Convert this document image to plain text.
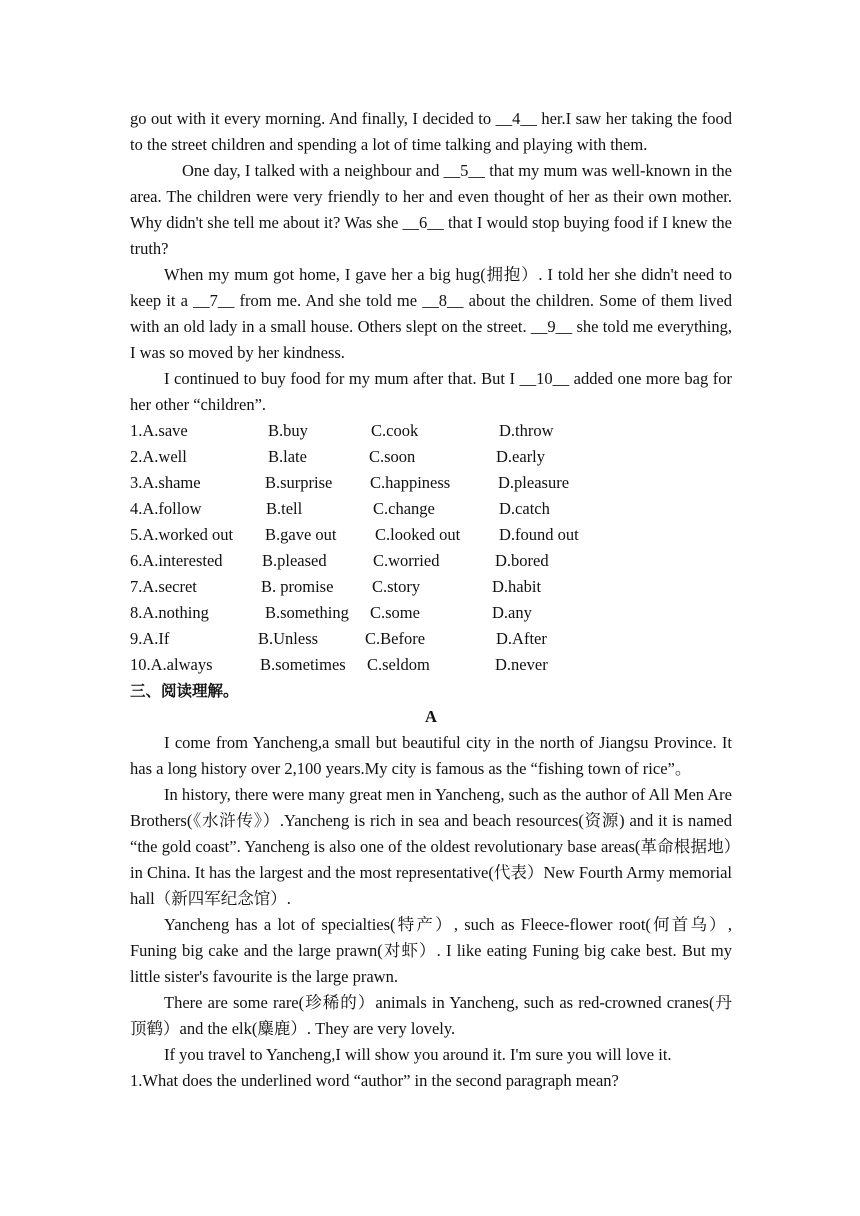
go out with it every morning. And finally, I decided to __4__ her.I saw her taking the food to the street children and spending a lot of time talking and playing with them.

One day, I talked with a neighbour and __5__ that my mum was well-known in the area. The children were very friendly to her and even thought of her as their own mother. Why didn't she tell me about it? Was she __6__ that I would stop buying food if I knew the truth?

When my mum got home, I gave her a big hug(拥抱）. I told her she didn't need to keep it a __7__ from me. And she told me __8__ about the children. Some of them lived with an old lady in a small house. Others slept on the street. __9__ she told me everything, I was so moved by her kindness.

I continued to buy food for my mum after that. But I __10__ added one more bag for her other “children”.

1.A.save	B.buy	C.cook	D.throw
2.A.well	B.late	C.soon	D.early
3.A.shame	B.surprise C.happiness	D.pleasure
4.A.follow	B.tell	C.change	D.catch
5.A.worked out B.gave out C.looked out D.found out
6.A.interested B.pleased	C.worried	D.bored
7.A.secret	B. promise C.story	D.habit
8.A.nothing	B.something C.some	D.any
9.A.If	B.Unless	C.Before	D.After
10.A.always	B.sometimes C.seldom	D.never
三、阅读理解。
A

I come from Yancheng,a small but beautiful city in the north of Jiangsu Province. It has a long history over 2,100 years.My city is famous as the “fishing town of rice”。

In history, there were many great men in Yancheng, such as the author of All Men Are Brothers(《水浒传》）.Yancheng is rich in sea and beach resources(资源) and it is named “the gold coast”. Yancheng is also one of the oldest revolutionary base areas(革命根据地）in China. It has the largest and the most representative(代表）New Fourth Army memorial hall（新四军纪念馆）.

Yancheng has a lot of specialties(特产）, such as Fleece-flower root(何首乌）, Funing big cake and the large prawn(对虾）. I like eating Funing big cake best. But my little sister's favourite is the large prawn.

There are some rare(珍稀的）animals in Yancheng, such as red-crowned cranes(丹顶鹤）and the elk(麋鹿）. They are very lovely.

If you travel to Yancheng,I will show you around it. I'm sure you will love it.

1.What does the underlined word “author” in the second paragraph mean?
